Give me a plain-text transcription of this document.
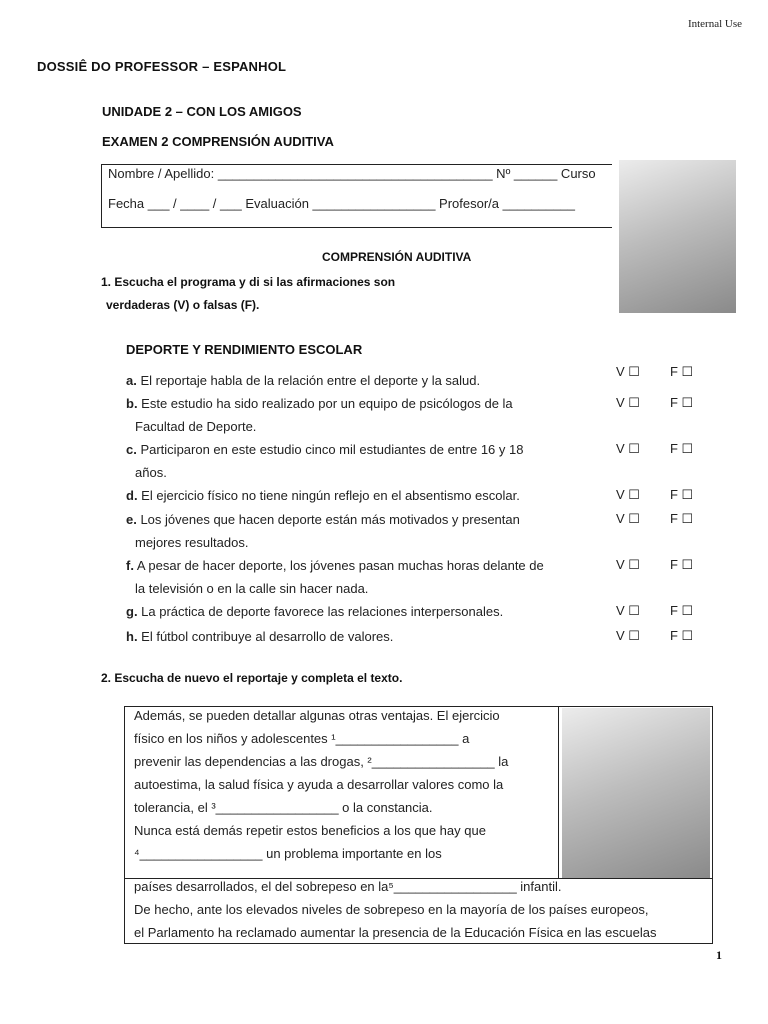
Internal Use
DOSSIÊ DO PROFESSOR – ESPANHOL
UNIDADE 2 – CON LOS AMIGOS
EXAMEN 2 COMPRENSIÓN AUDITIVA
Nombre / Apellido: ______________________________________ Nº ______ Curso
Fecha ___ / ____ / ___ Evaluación _________________ Profesor/a __________
COMPRENSIÓN AUDITIVA
1. Escucha el programa y di si las afirmaciones son
verdaderas (V) o falsas (F).
DEPORTE Y RENDIMIENTO ESCOLAR
a. El reportaje habla de la relación entre el deporte y la salud.
V ☐ F ☐
b. Este estudio ha sido realizado por un equipo de psicólogos de la
Facultad de Deporte.
V ☐ F ☐
c. Participaron en este estudio cinco mil estudiantes de entre 16 y 18
años.
V ☐ F ☐
d. El ejercicio físico no tiene ningún reflejo en el absentismo escolar.	V ☐ F ☐
e. Los jóvenes que hacen deporte están más motivados y presentan
mejores resultados.
V ☐ F ☐
f. A pesar de hacer deporte, los jóvenes pasan muchas horas delante de
la televisión o en la calle sin hacer nada.
V ☐ F ☐
g. La práctica de deporte favorece las relaciones interpersonales.	V ☐ F ☐
h. El fútbol contribuye al desarrollo de valores.	V ☐ F ☐
2. Escucha de nuevo el reportaje y completa el texto.
Además, se pueden detallar algunas otras ventajas. El ejercicio
físico en los niños y adolescentes ¹_________________ a
prevenir las dependencias a las drogas, ²_________________ la
autoestima, la salud física y ayuda a desarrollar valores como la
tolerancia, el ³_________________ o la constancia.
Nunca está demás repetir estos beneficios a los que hay que
⁴_________________ un problema importante en los
países desarrollados, el del sobrepeso en la⁵_________________ infantil.
De hecho, ante los elevados niveles de sobrepeso en la mayoría de los países europeos,
el Parlamento ha reclamado aumentar la presencia de la Educación Física en las escuelas
1
